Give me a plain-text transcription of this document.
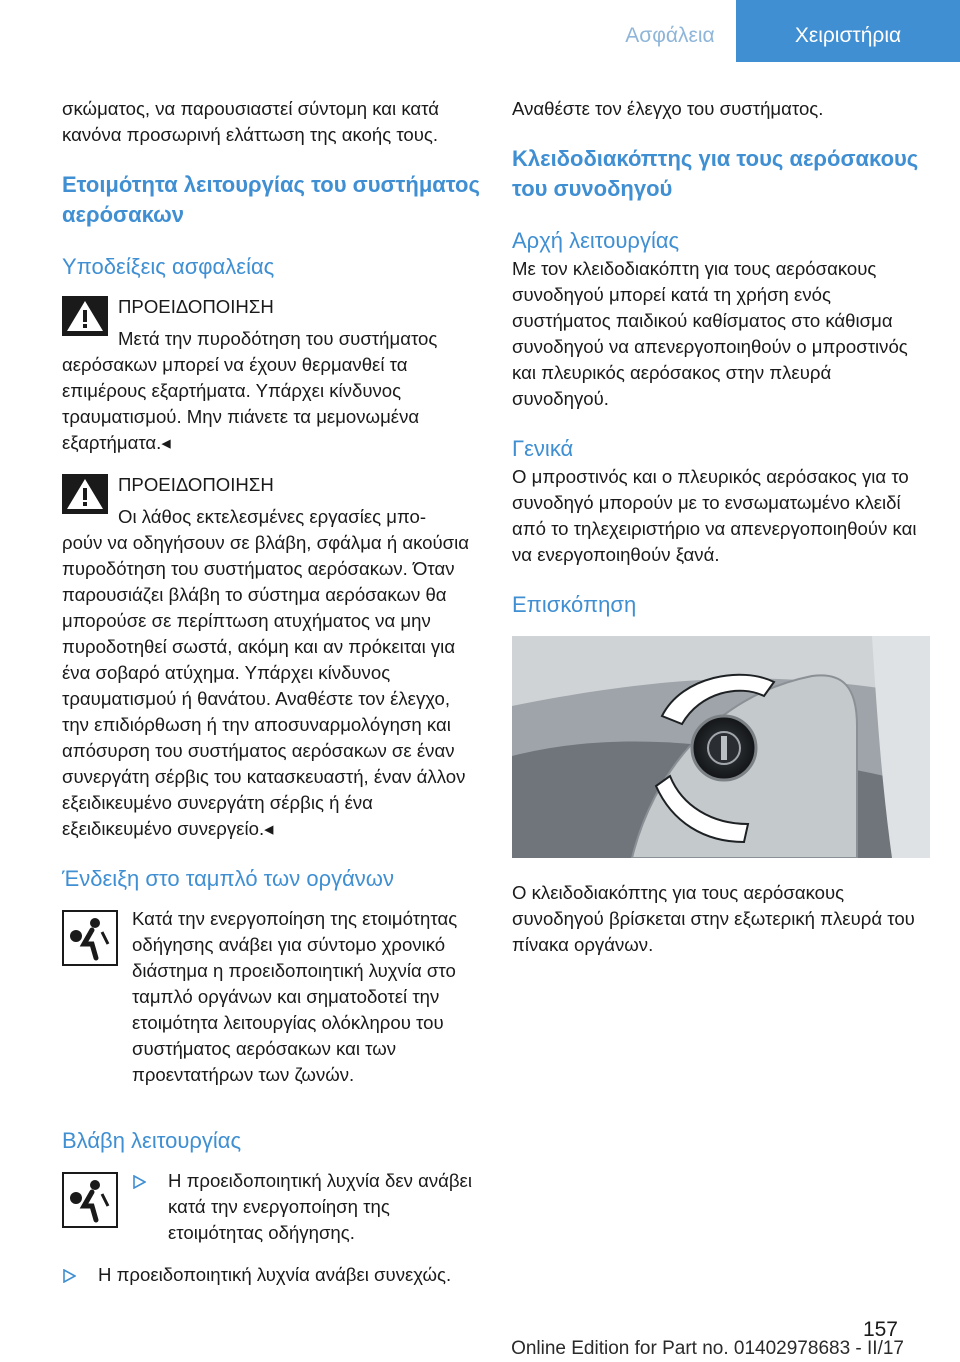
Ασφάλεια	Χειριστήρια

σκώματος, να παρουσιαστεί σύντομη και κατά κανόνα προσωρινή ελάττωση της ακοής τους.

Ετοιμότητα λειτουργίας του συστήματος αερόσακων
Υποδείξεις ασφαλείας

ΠΡΟΕΙΔΟΠΟΙΗΣΗ

Μετά την πυροδότηση του συστήματος

αερόσακων μπορεί να έχουν θερμανθεί τα επιμέρους εξαρτήματα. Υπάρχει κίνδυνος τραυματισμού. Μην πιάνετε τα μεμονωμένα εξαρτήματα.◂

ΠΡΟΕΙΔΟΠΟΙΗΣΗ

Οι λάθος εκτελεσμένες εργασίες μπο-

ρούν να οδηγήσουν σε βλάβη, σφάλμα ή ακούσια πυροδότηση του συστήματος αερόσακων. Όταν παρουσιάζει βλάβη το σύστημα αερόσακων θα μπορούσε σε περίπτωση ατυχήματος να μην πυροδοτηθεί σωστά, ακόμη και αν πρόκειται για ένα σοβαρό ατύχημα. Υπάρχει κίνδυνος τραυματισμού ή θανάτου. Αναθέστε τον έλεγχο, την επιδιόρθωση ή την αποσυναρμολόγηση και απόσυρση του συστήματος αερόσακων σε έναν συνεργάτη σέρβις του κατασκευαστή, έναν άλλον εξειδικευμένο συνεργάτη σέρβις ή ένα εξειδικευμένο συνεργείο.◂

Ένδειξη στο ταμπλό των οργάνων

Κατά την ενεργοποίηση της ετοιμότητας οδήγησης ανάβει για σύντομο χρονικό διάστημα η προειδοποιητική λυχνία στο ταμπλό οργάνων και σηματοδοτεί την ετοιμότητα λειτουργίας ολόκληρου του συστήματος αερόσακων και των προεντατήρων των ζωνών.

Βλάβη λειτουργίας
Η προειδοποιητική λυχνία δεν ανάβει κατά την ενεργοποίηση της ετοιμότητας οδήγησης.
Η προειδοποιητική λυχνία ανάβει συνεχώς.

Αναθέστε τον έλεγχο του συστήματος.

Κλειδοδιακόπτης για τους αερόσακους του συνοδηγού
Αρχή λειτουργίας

Με τον κλειδοδιακόπτη για τους αερόσακους συνοδηγού μπορεί κατά τη χρήση ενός συστήματος παιδικού καθίσματος στο κάθισμα συνοδηγού να απενεργοποιηθούν ο μπροστινός και πλευρικός αερόσακος στην πλευρά συνοδηγού.

Γενικά

Ο μπροστινός και ο πλευρικός αερόσακος για το συνοδηγό μπορούν με το ενσωματωμένο κλειδί από το τηλεχειριστήριο να απενεργοποιηθούν και να ενεργοποιηθούν ξανά.

Επισκόπηση

Ο κλειδοδιακόπτης για τους αερόσακους συνοδηγού βρίσκεται στην εξωτερική πλευρά του πίνακα οργάνων.

157
Online Edition for Part no. 01402978683 - II/17
